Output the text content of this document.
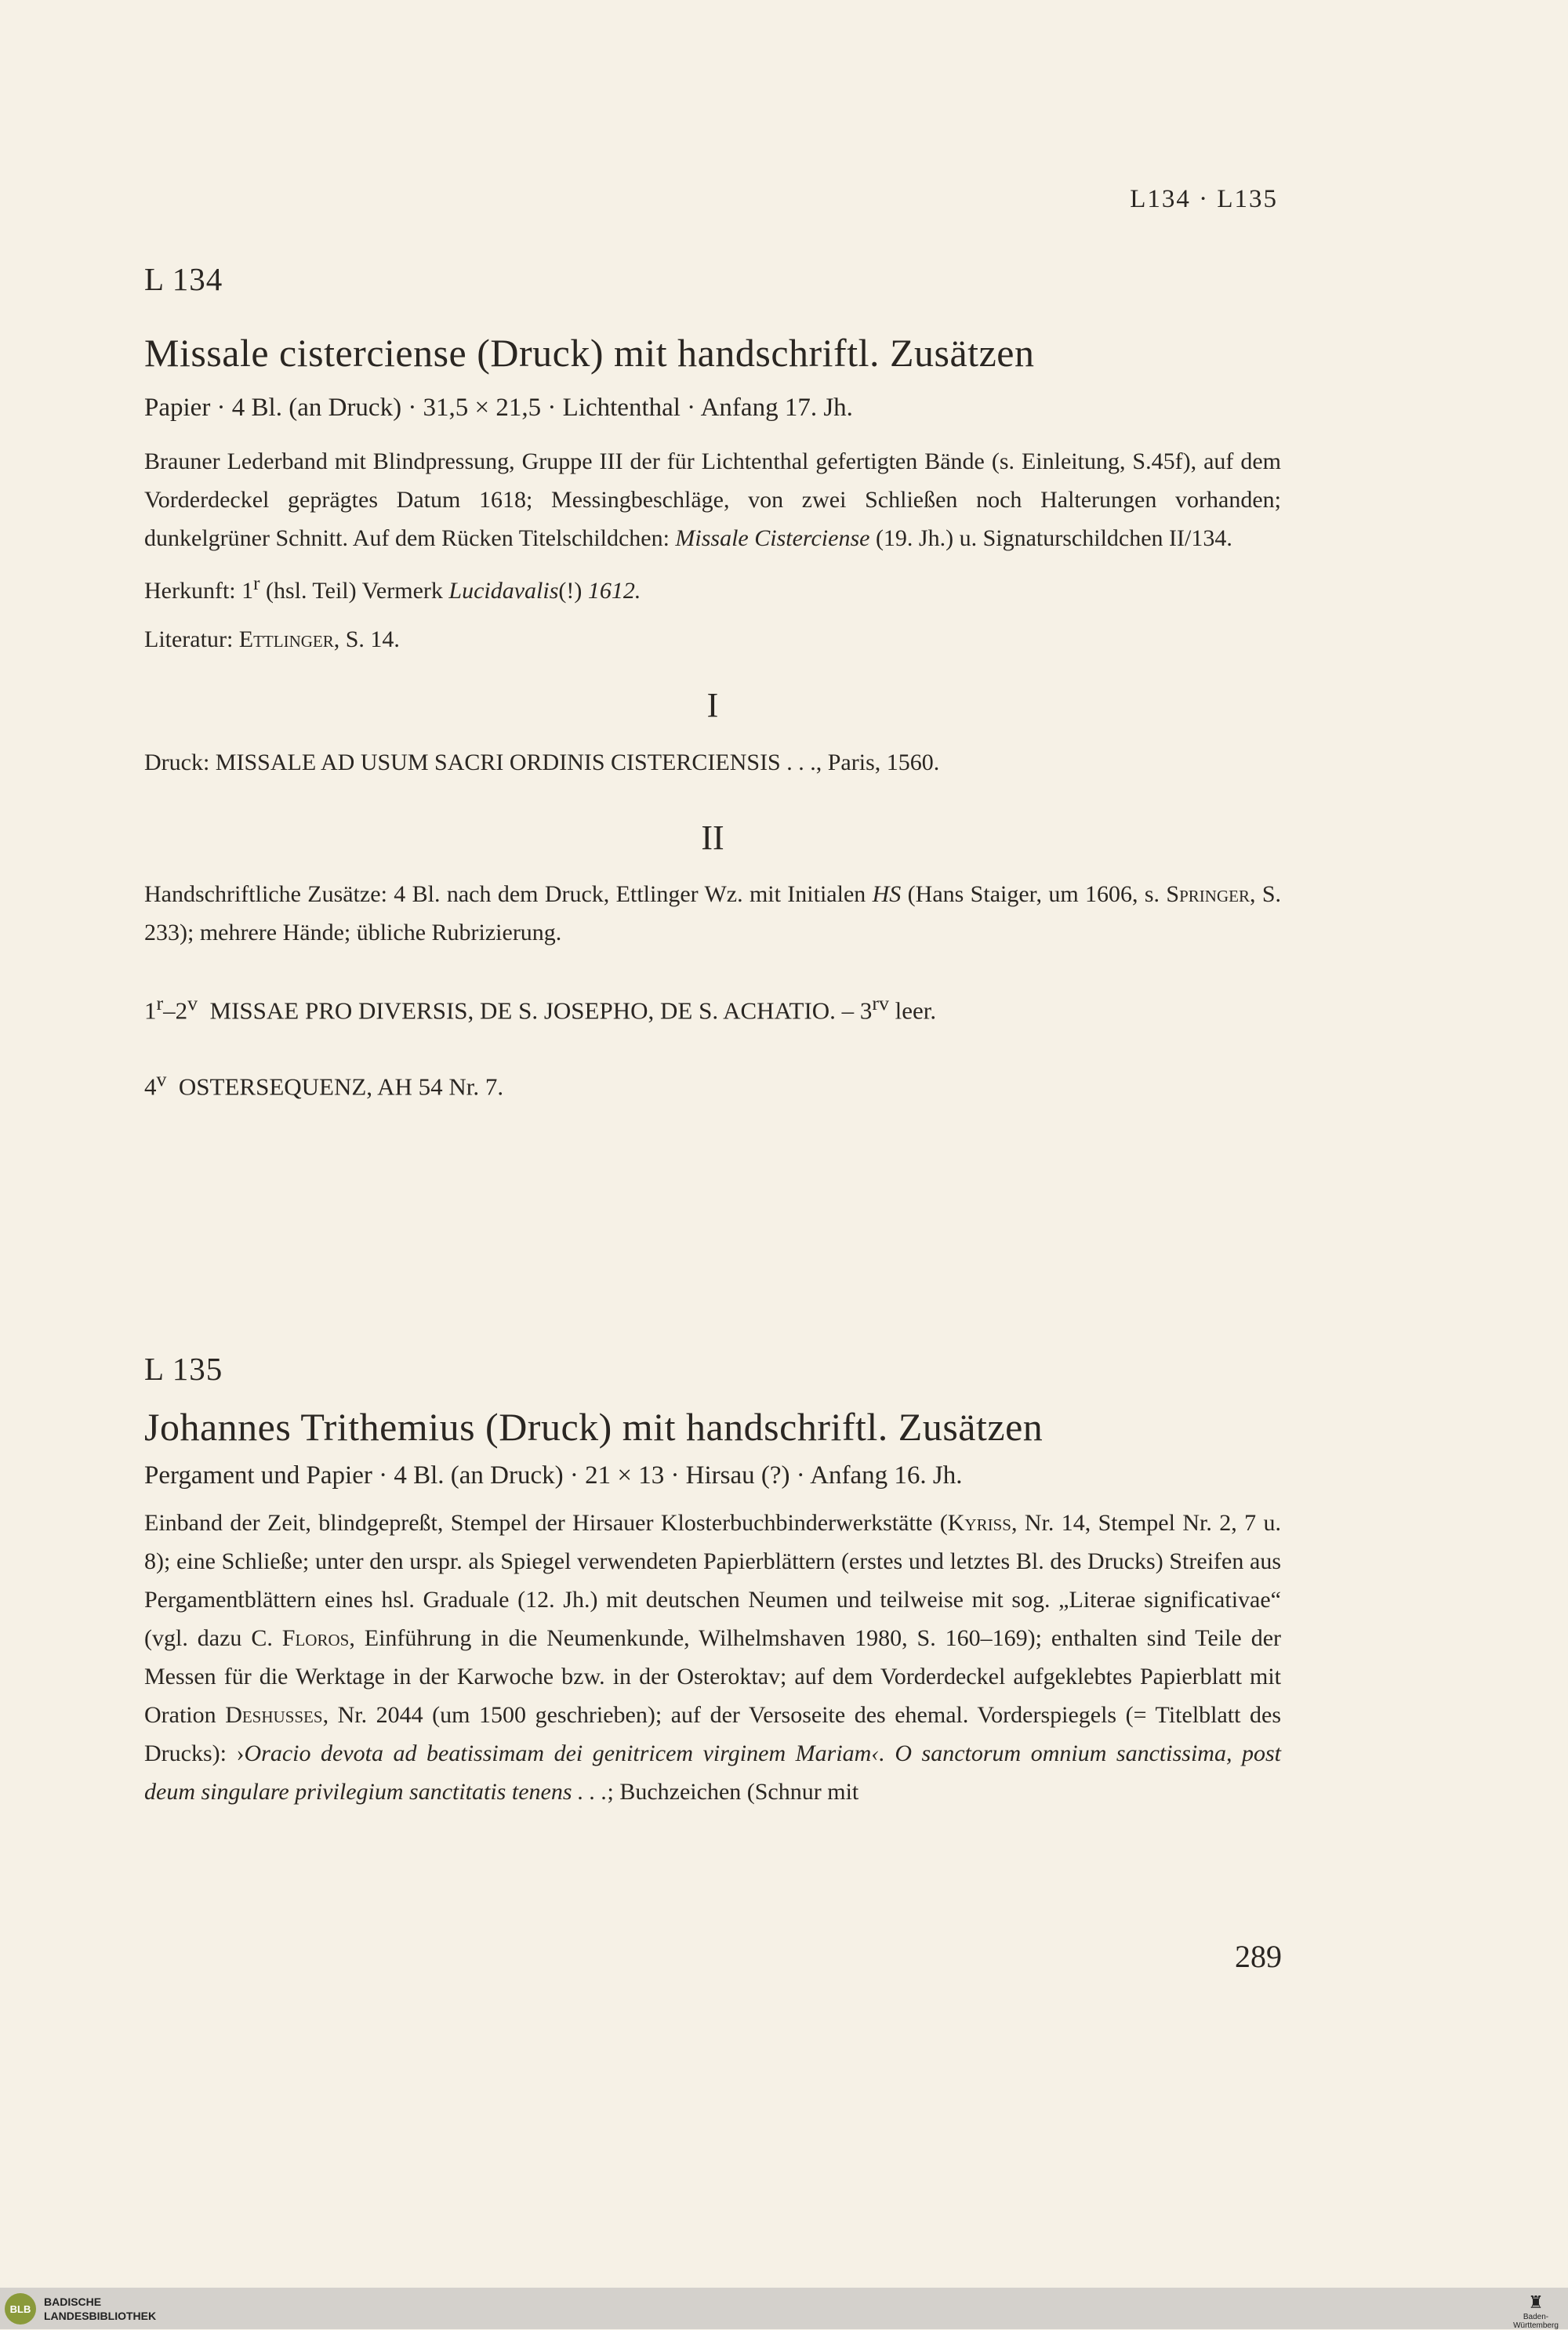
L134 · L135
L 134
Missale cisterciense (Druck) mit handschriftl. Zusätzen
Papier · 4 Bl. (an Druck) · 31,5 × 21,5 · Lichtenthal · Anfang 17. Jh.
Brauner Lederband mit Blindpressung, Gruppe III der für Lichtenthal gefertigten Bände (s. Einleitung, S.45f), auf dem Vorderdeckel geprägtes Datum 1618; Messingbeschläge, von zwei Schließen noch Halterungen vorhanden; dunkelgrüner Schnitt. Auf dem Rücken Titelschildchen: Missale Cisterciense (19. Jh.) u. Signaturschildchen II/134.
Herkunft: 1$^r$ (hsl. Teil) Vermerk Lucidavalis(!) 1612.
Literatur: Ettlinger, S. 14.
I
Druck: MISSALE AD USUM SACRI ORDINIS CISTERCIENSIS . . ., Paris, 1560.
II
Handschriftliche Zusätze: 4 Bl. nach dem Druck, Ettlinger Wz. mit Initialen HS (Hans Staiger, um 1606, s. Springer, S. 233); mehrere Hände; übliche Rubrizierung.
1$^r$–2$^v$  MISSAE PRO DIVERSIS, DE S. JOSEPHO, DE S. ACHATIO. – $3^{rv}$ leer.
4$^v$  OSTERSEQUENZ, AH 54 Nr. 7.
L 135
Johannes Trithemius (Druck) mit handschriftl. Zusätzen
Pergament und Papier · 4 Bl. (an Druck) · 21 × 13 · Hirsau (?) · Anfang 16. Jh.
Einband der Zeit, blindgepreßt, Stempel der Hirsauer Klosterbuchbinderwerkstätte (Kyriss, Nr. 14, Stempel Nr. 2, 7 u. 8); eine Schließe; unter den urspr. als Spiegel verwendeten Papierblättern (erstes und letztes Bl. des Drucks) Streifen aus Pergamentblättern eines hsl. Graduale (12. Jh.) mit deutschen Neumen und teilweise mit sog. „Literae significativae“ (vgl. dazu C. Floros, Einführung in die Neumenkunde, Wilhelmshaven 1980, S. 160–169); enthalten sind Teile der Messen für die Werktage in der Karwoche bzw. in der Osteroktav; auf dem Vorderdeckel aufgeklebtes Papierblatt mit Oration Deshusses, Nr. 2044 (um 1500 geschrieben); auf der Versoseite des ehemal. Vorderspiegels (= Titelblatt des Drucks): ›Oracio devota ad beatissimam dei genitricem virginem Mariam‹. O sanctorum omnium sanctissima, post deum singulare privilegium sanctitatis tenens . . .; Buchzeichen (Schnur mit
289
BLB
BADISCHE
LANDESBIBLIOTHEK
♜
Baden-Württemberg
